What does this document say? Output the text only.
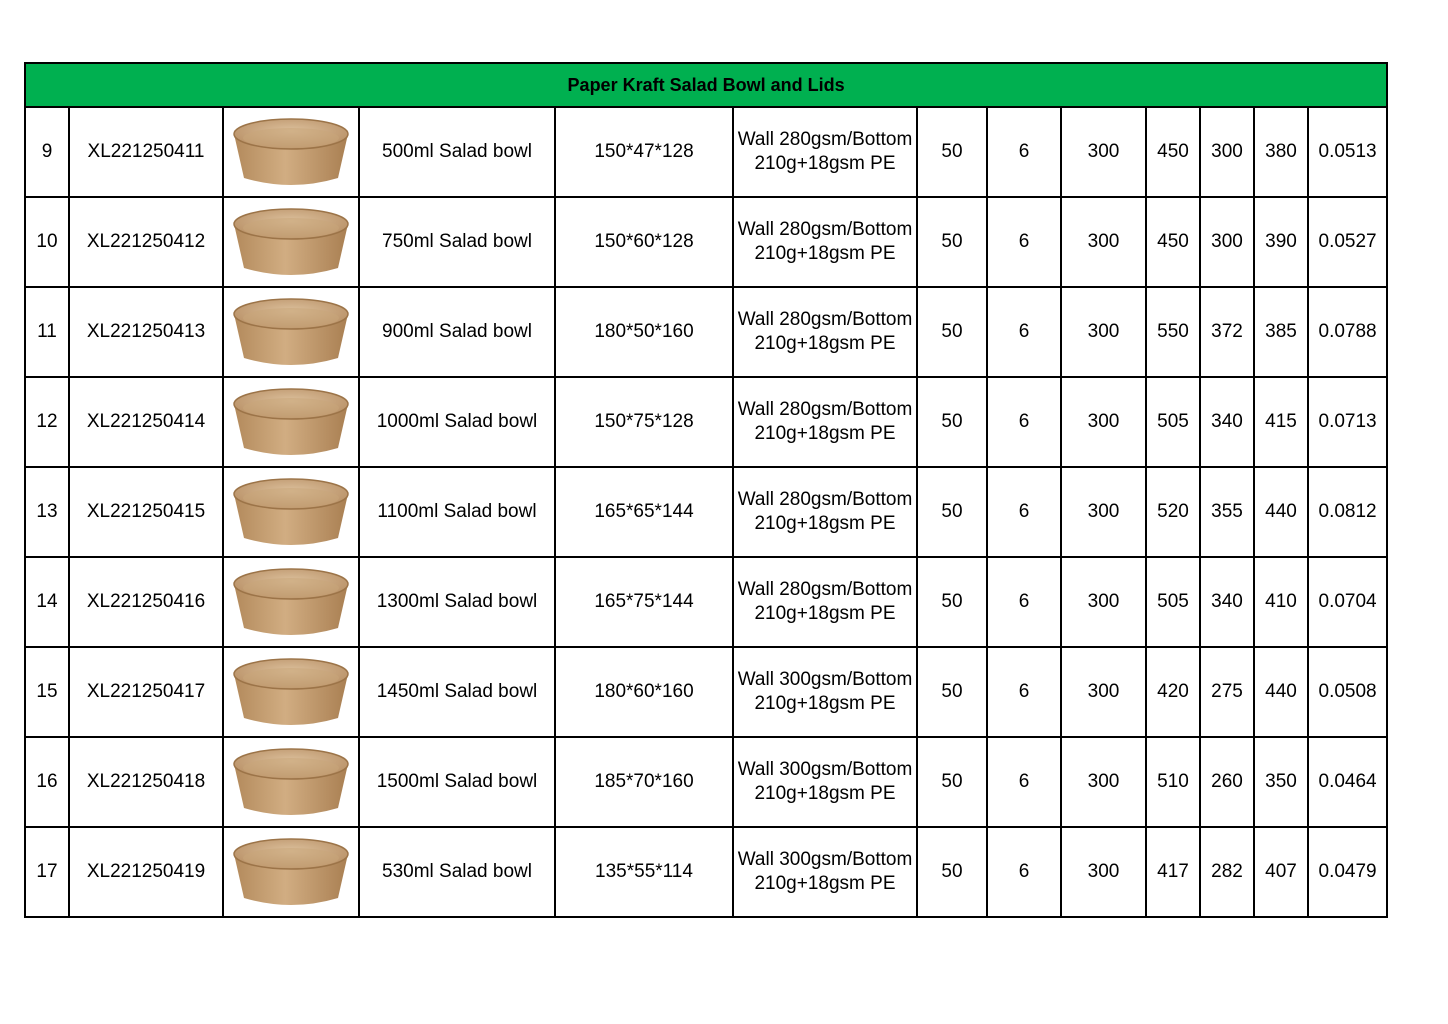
Paper Kraft Salad Bowl and Lids												
9	XL221250411		500ml Salad bowl	150*47*128	Wall 280gsm/Bottom
210g+18gsm PE	50	6	300	450	300	380	0.0513
10	XL221250412		750ml Salad bowl	150*60*128	Wall 280gsm/Bottom
210g+18gsm PE	50	6	300	450	300	390	0.0527
11	XL221250413		900ml Salad bowl	180*50*160	Wall 280gsm/Bottom
210g+18gsm PE	50	6	300	550	372	385	0.0788
12	XL221250414		1000ml Salad bowl	150*75*128	Wall 280gsm/Bottom
210g+18gsm PE	50	6	300	505	340	415	0.0713
13	XL221250415		1100ml Salad bowl	165*65*144	Wall 280gsm/Bottom
210g+18gsm PE	50	6	300	520	355	440	0.0812
14	XL221250416		1300ml Salad bowl	165*75*144	Wall 280gsm/Bottom
210g+18gsm PE	50	6	300	505	340	410	0.0704
15	XL221250417		1450ml Salad bowl	180*60*160	Wall 300gsm/Bottom
210g+18gsm PE	50	6	300	420	275	440	0.0508
16	XL221250418		1500ml Salad bowl	185*70*160	Wall 300gsm/Bottom
210g+18gsm PE	50	6	300	510	260	350	0.0464
17	XL221250419		530ml Salad bowl	135*55*114	Wall 300gsm/Bottom
210g+18gsm PE	50	6	300	417	282	407	0.0479
